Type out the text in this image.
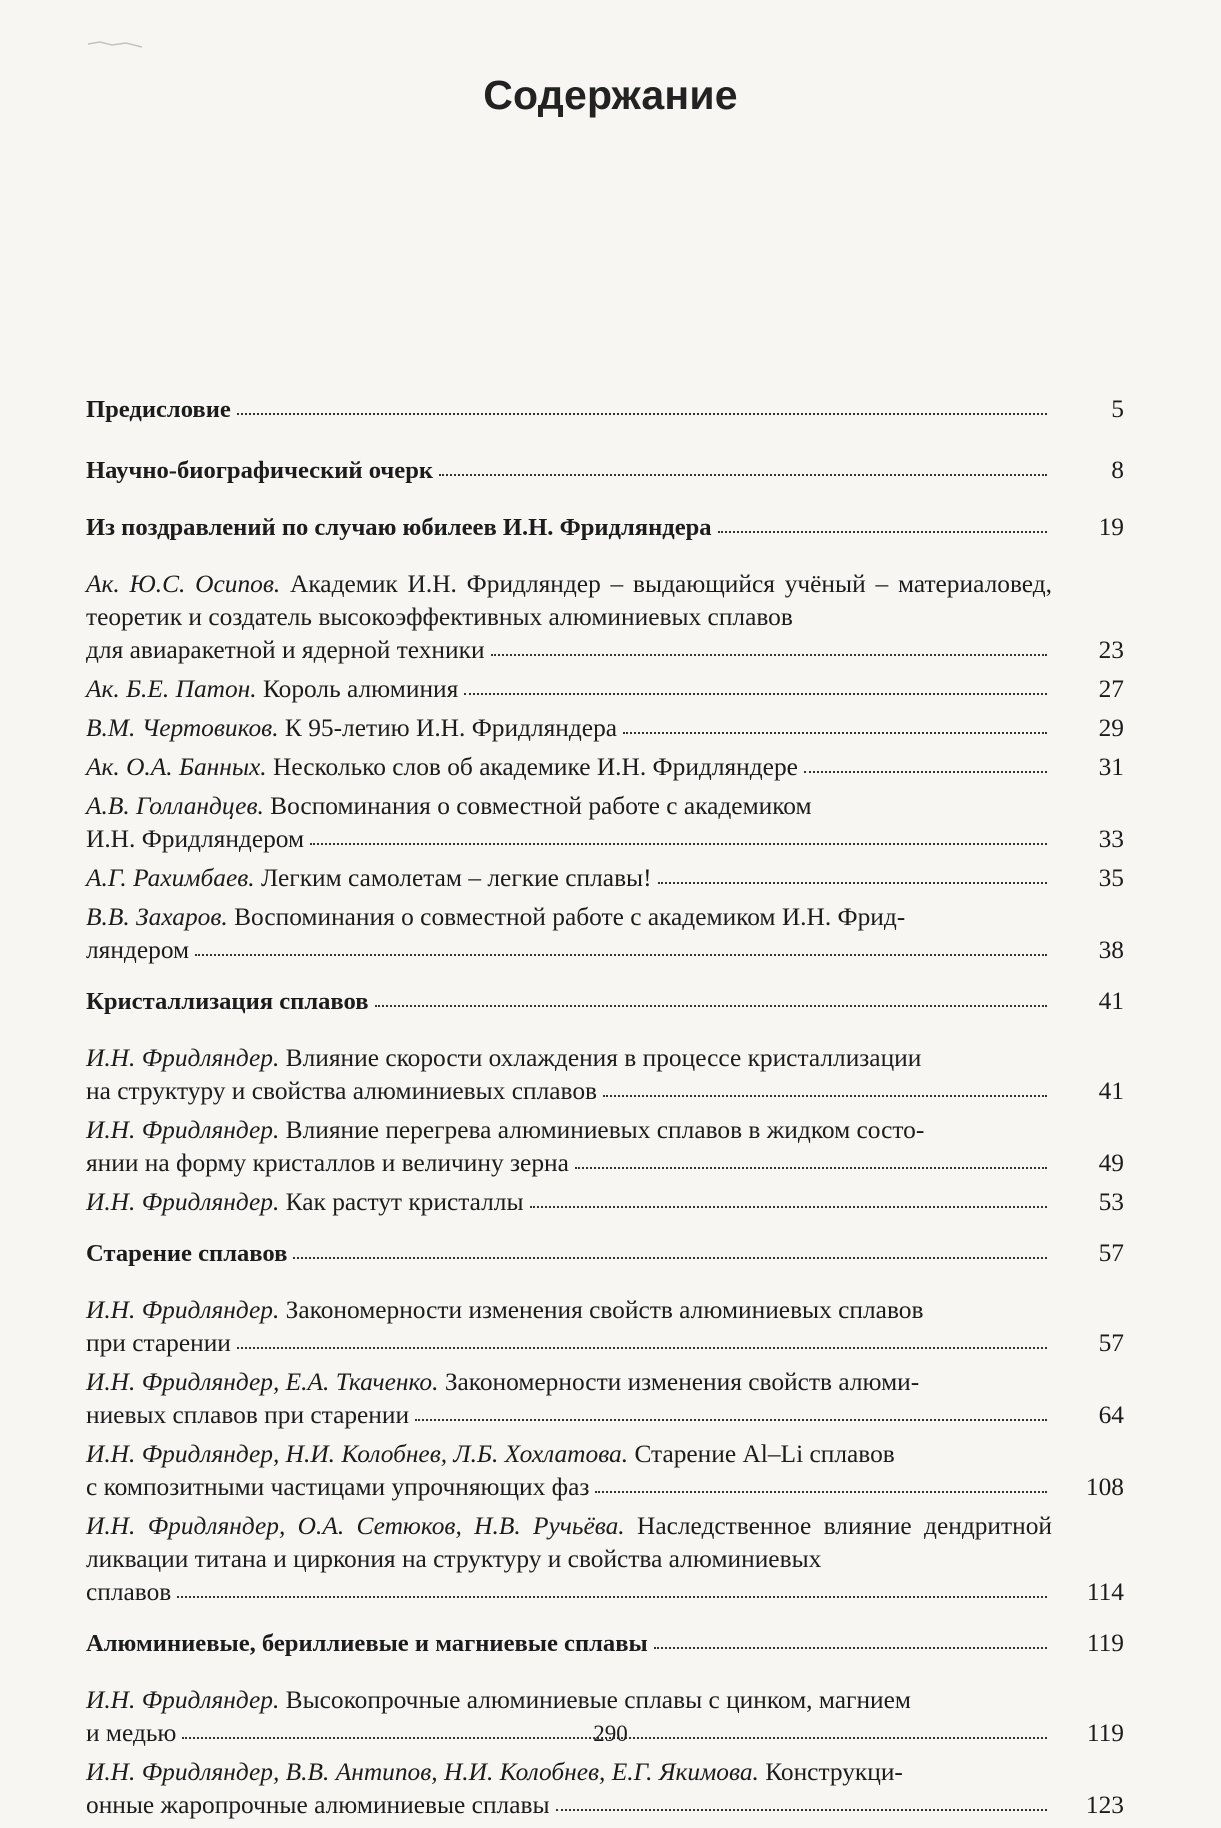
Содержание
Предисловие	5
Научно-биографический очерк	8
Из поздравлений по случаю юбилеев И.Н. Фридляндера	19
Ак. Ю.С. Осипов. Академик И.Н. Фридляндер – выдающийся учёный – материаловед, теоретик и создатель высокоэффективных алюминиевых сплавов
для авиаракетной и ядерной техники	23
Ак. Б.Е. Патон. Король алюминия	27
В.М. Чертовиков. К 95-летию И.Н. Фридляндера	29
Ак. О.А. Банных. Несколько слов об академике И.Н. Фридляндере	31
А.В. Голландцев. Воспоминания о совместной работе с академиком
И.Н. Фридляндером	33
А.Г. Рахимбаев. Легким самолетам – легкие сплавы!	35
В.В. Захаров. Воспоминания о совместной работе с академиком И.Н. Фрид-
ляндером	38
Кристаллизация сплавов	41
И.Н. Фридляндер. Влияние скорости охлаждения в процессе кристаллизации
на структуру и свойства алюминиевых сплавов	41
И.Н. Фридляндер. Влияние перегрева алюминиевых сплавов в жидком состо-
янии на форму кристаллов и величину зерна	49
И.Н. Фридляндер. Как растут кристаллы	53
Старение сплавов	57
И.Н. Фридляндер. Закономерности изменения свойств алюминиевых сплавов
при старении	57
И.Н. Фридляндер, Е.А. Ткаченко. Закономерности изменения свойств алюми-
ниевых сплавов при старении	64
И.Н. Фридляндер, Н.И. Колобнев, Л.Б. Хохлатова. Старение Al–Li сплавов
с композитными частицами упрочняющих фаз	108
И.Н. Фридляндер, О.А. Сетюков, Н.В. Ручьёва. Наследственное влияние дендритной ликвации титана и циркония на структуру и свойства алюминиевых
сплавов	114
Алюминиевые, бериллиевые и магниевые сплавы	119
И.Н. Фридляндер. Высокопрочные алюминиевые сплавы с цинком, магнием
и медью	119
И.Н. Фридляндер, В.В. Антипов, Н.И. Колобнев, Е.Г. Якимова. Конструкци-
онные жаропрочные алюминиевые сплавы	123
290
